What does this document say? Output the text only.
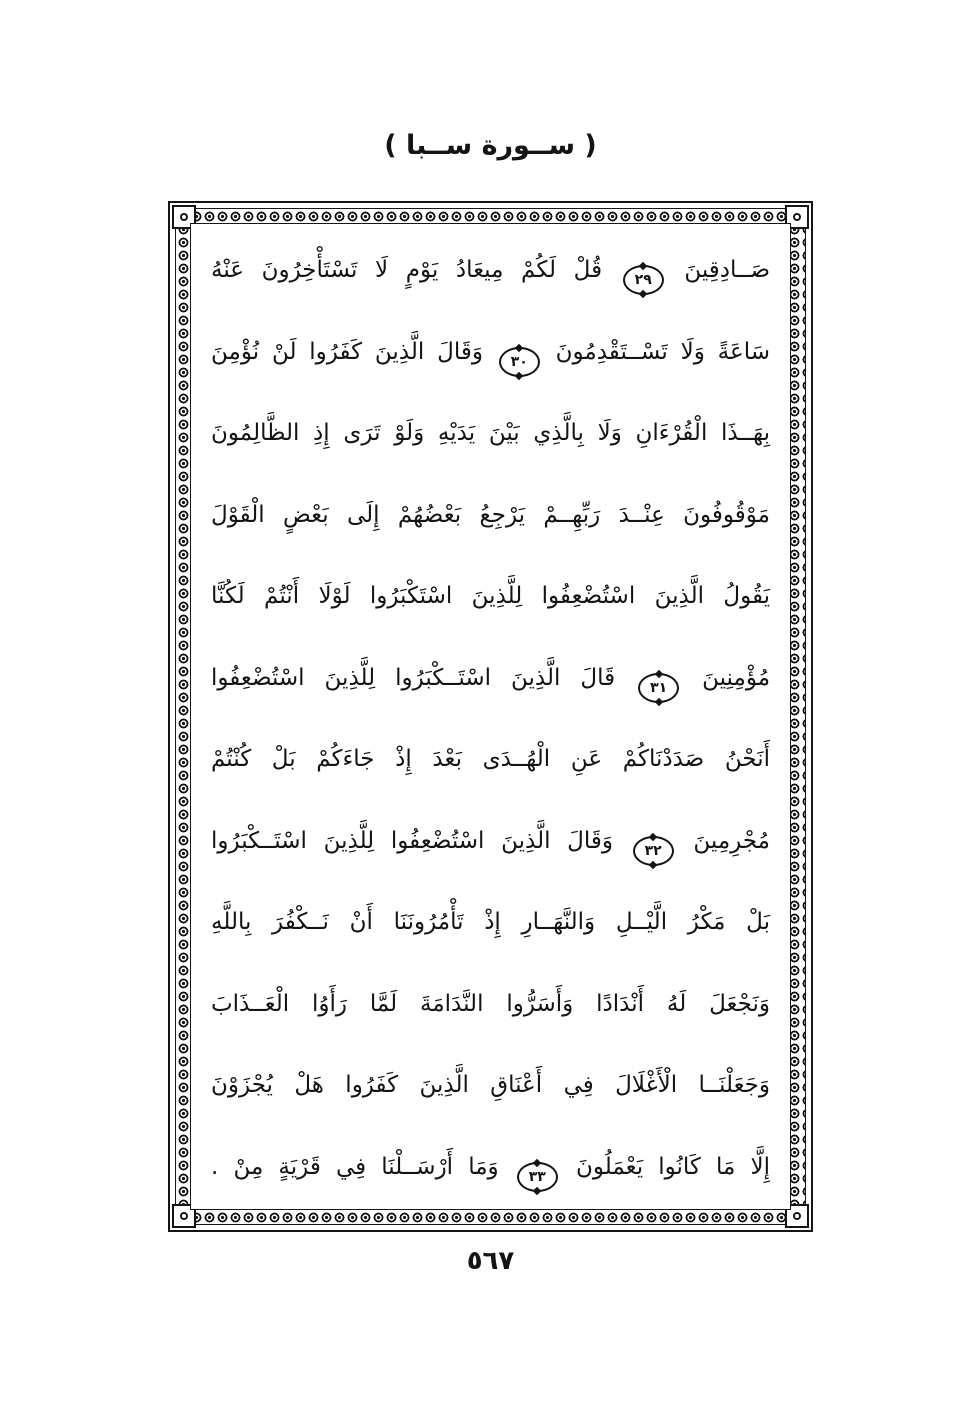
( ســورة ســبا )
صَــادِقِينَ
٢٩
قُلْ لَكُمْ مِيعَادُ يَوْمٍ لَا تَسْتَأْخِرُونَ عَنْهُ
سَاعَةً وَلَا تَسْــتَقْدِمُونَ
٣٠
وَقَالَ الَّذِينَ كَفَرُوا لَنْ نُؤْمِنَ
بِهَــذَا الْقُرْءَانِ وَلَا بِالَّذِي بَيْنَ يَدَيْهِ وَلَوْ تَرَى إِذِ الظَّالِمُونَ
مَوْقُوفُونَ عِنْــدَ رَبِّهِــمْ يَرْجِعُ بَعْضُهُمْ إِلَى بَعْضٍ الْقَوْلَ
يَقُولُ الَّذِينَ اسْتُضْعِفُوا لِلَّذِينَ اسْتَكْبَرُوا لَوْلَا أَنْتُمْ لَكُنَّا
مُؤْمِنِينَ
٣١
قَالَ الَّذِينَ اسْتَــكْبَرُوا لِلَّذِينَ اسْتُضْعِفُوا
أَنَحْنُ صَدَدْنَاكُمْ عَنِ الْهُــدَى بَعْدَ إِذْ جَاءَكُمْ بَلْ كُنْتُمْ
مُجْرِمِينَ
٣٢
وَقَالَ الَّذِينَ اسْتُضْعِفُوا لِلَّذِينَ اسْتَــكْبَرُوا
بَلْ مَكْرُ الَّيْــلِ وَالنَّهَــارِ إِذْ تَأْمُرُونَنَا أَنْ نَــكْفُرَ بِاللَّهِ
وَنَجْعَلَ لَهُ أَنْدَادًا وَأَسَرُّوا النَّدَامَةَ لَمَّا رَأَوُا الْعَــذَابَ
وَجَعَلْنَــا الْأَغْلَالَ فِي أَعْنَاقِ الَّذِينَ كَفَرُوا هَلْ يُجْزَوْنَ
إِلَّا مَا كَانُوا يَعْمَلُونَ
٣٣
وَمَا أَرْسَــلْنَا فِي قَرْيَةٍ مِنْ .
٥٦٧
